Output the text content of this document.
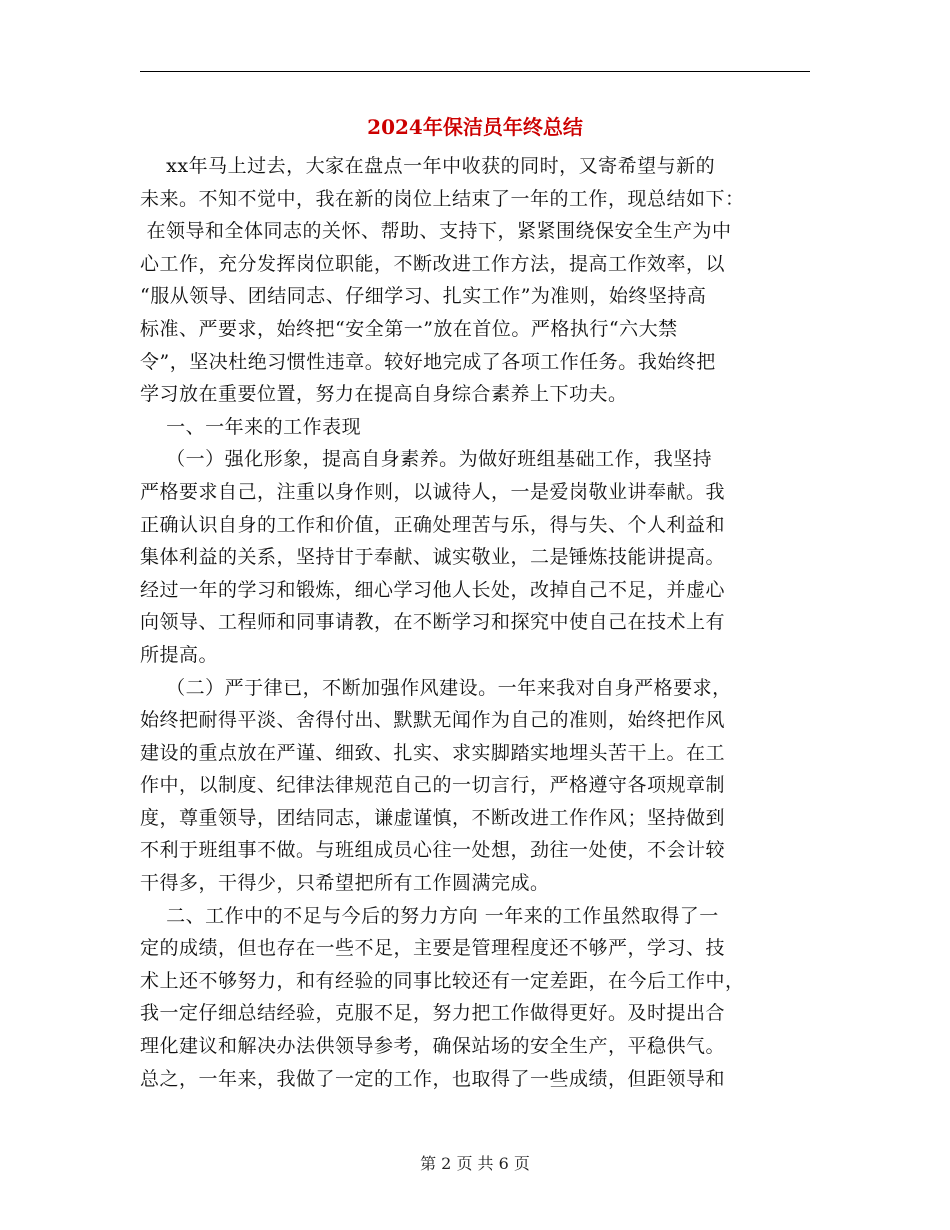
2024年保洁员年终总结

xx年马上过去，大家在盘点一年中收获的同时，又寄希望与新的

未来。不知不觉中，我在新的岗位上结束了一年的工作，现总结如下：

在领导和全体同志的关怀、帮助、支持下，紧紧围绕保安全生产为中

心工作，充分发挥岗位职能，不断改进工作方法，提高工作效率，以

“服从领导、团结同志、仔细学习、扎实工作”为准则，始终坚持高

标准、严要求，始终把“安全第一”放在首位。严格执行“六大禁

令”，坚决杜绝习惯性违章。较好地完成了各项工作任务。我始终把

学习放在重要位置，努力在提高自身综合素养上下功夫。

一、一年来的工作表现

（一）强化形象，提高自身素养。为做好班组基础工作，我坚持

严格要求自己，注重以身作则，以诚待人，一是爱岗敬业讲奉献。我

正确认识自身的工作和价值，正确处理苦与乐，得与失、个人利益和

集体利益的关系，坚持甘于奉献、诚实敬业，二是锤炼技能讲提高。

经过一年的学习和锻炼，细心学习他人长处，改掉自己不足，并虚心

向领导、工程师和同事请教，在不断学习和探究中使自己在技术上有

所提高。

（二）严于律已，不断加强作风建设。一年来我对自身严格要求，

始终把耐得平淡、舍得付出、默默无闻作为自己的准则，始终把作风

建设的重点放在严谨、细致、扎实、求实脚踏实地埋头苦干上。在工

作中，以制度、纪律法律规范自己的一切言行，严格遵守各项规章制

度，尊重领导，团结同志，谦虚谨慎，不断改进工作作风；坚持做到

不利于班组事不做。与班组成员心往一处想，劲往一处使，不会计较

干得多，干得少，只希望把所有工作圆满完成。

二、工作中的不足与今后的努力方向 一年来的工作虽然取得了一

定的成绩，但也存在一些不足，主要是管理程度还不够严，学习、技

术上还不够努力，和有经验的同事比较还有一定差距，在今后工作中，

我一定仔细总结经验，克服不足，努力把工作做得更好。及时提出合

理化建议和解决办法供领导参考，确保站场的安全生产，平稳供气。

总之，一年来，我做了一定的工作，也取得了一些成绩，但距领导和

第 2 页 共 6 页
